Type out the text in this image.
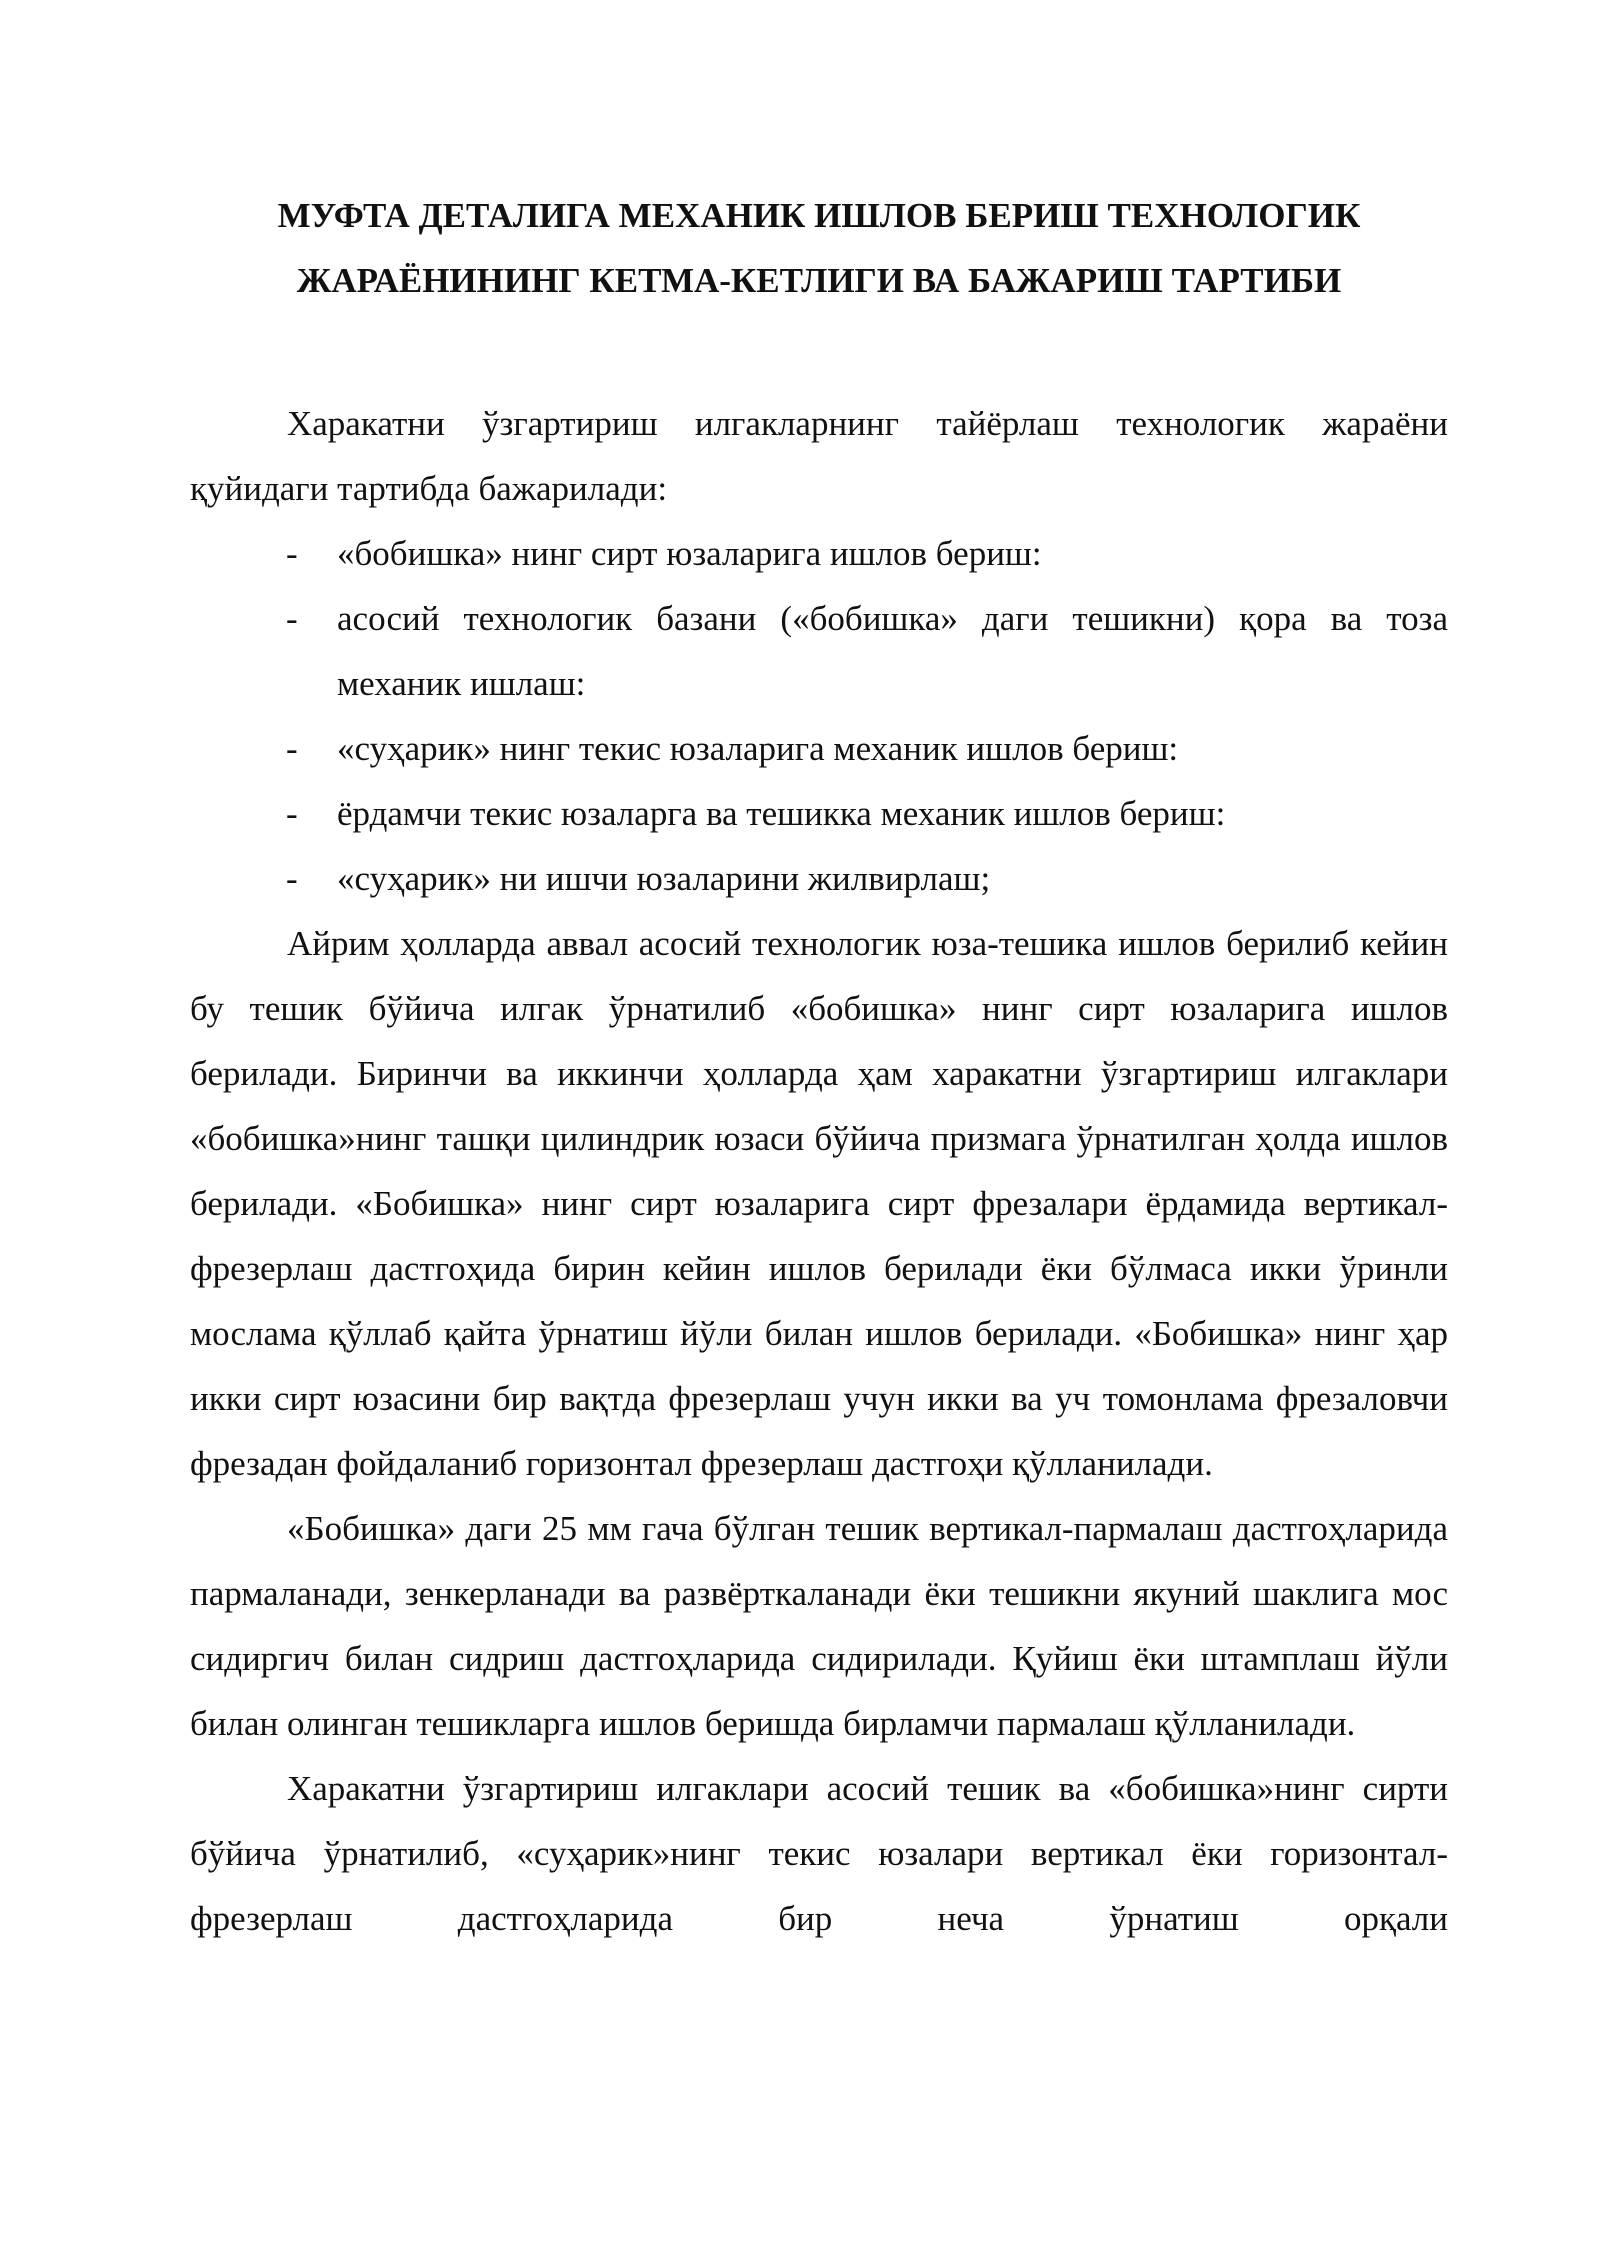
МУФТА ДЕТАЛИГА МЕХАНИК ИШЛОВ БЕРИШ ТЕХНОЛОГИК
ЖАРАЁНИНИНГ КЕТМА-КЕТЛИГИ ВА БАЖАРИШ ТАРТИБИ

Харакатни ўзгартириш илгакларнинг тайёрлаш технологик жараёни қуйидаги тартибда бажарилади:

- «бобишка» нинг сирт юзаларига ишлов бериш:
- асосий технологик базани («бобишка» даги тешикни) қора ва тоза механик ишлаш:
- «суҳарик» нинг текис юзаларига механик ишлов бериш:
- ёрдамчи текис юзаларга ва тешикка механик ишлов бериш:
- «суҳарик» ни ишчи юзаларини жилвирлаш;

Айрим ҳолларда аввал асосий технологик юза-тешика ишлов берилиб кейин бу тешик бўйича илгак ўрнатилиб «бобишка» нинг сирт юзаларига ишлов берилади. Биринчи ва иккинчи ҳолларда ҳам харакатни ўзгартириш илгаклари «бобишка»нинг ташқи цилиндрик юзаси бўйича призмага ўрнатилган ҳолда ишлов берилади. «Бобишка» нинг сирт юзаларига сирт фрезалари ёрдамида вертикал-фрезерлаш дастгоҳида бирин кейин ишлов берилади ёки бўлмаса икки ўринли мослама қўллаб қайта ўрнатиш йўли билан ишлов берилади. «Бобишка» нинг ҳар икки сирт юзасини бир вақтда фрезерлаш учун икки ва уч томонлама фрезаловчи фрезадан фойдаланиб горизонтал фрезерлаш дастгоҳи қўлланилади.

«Бобишка» даги 25 мм гача бўлган тешик вертикал-пармалаш дастгоҳларида пармаланади, зенкерланади ва развёрткаланади ёки тешикни якуний шаклига мос сидиргич билан сидриш дастгоҳларида сидирилади. Қуйиш ёки штамплаш йўли билан олинган тешикларга ишлов беришда бирламчи пармалаш қўлланилади.

Харакатни ўзгартириш илгаклари асосий тешик ва «бобишка»нинг сирти бўйича ўрнатилиб, «суҳарик»нинг текис юзалари вертикал ёки горизонтал-фрезерлаш дастгоҳларида бир неча ўрнатиш орқали
